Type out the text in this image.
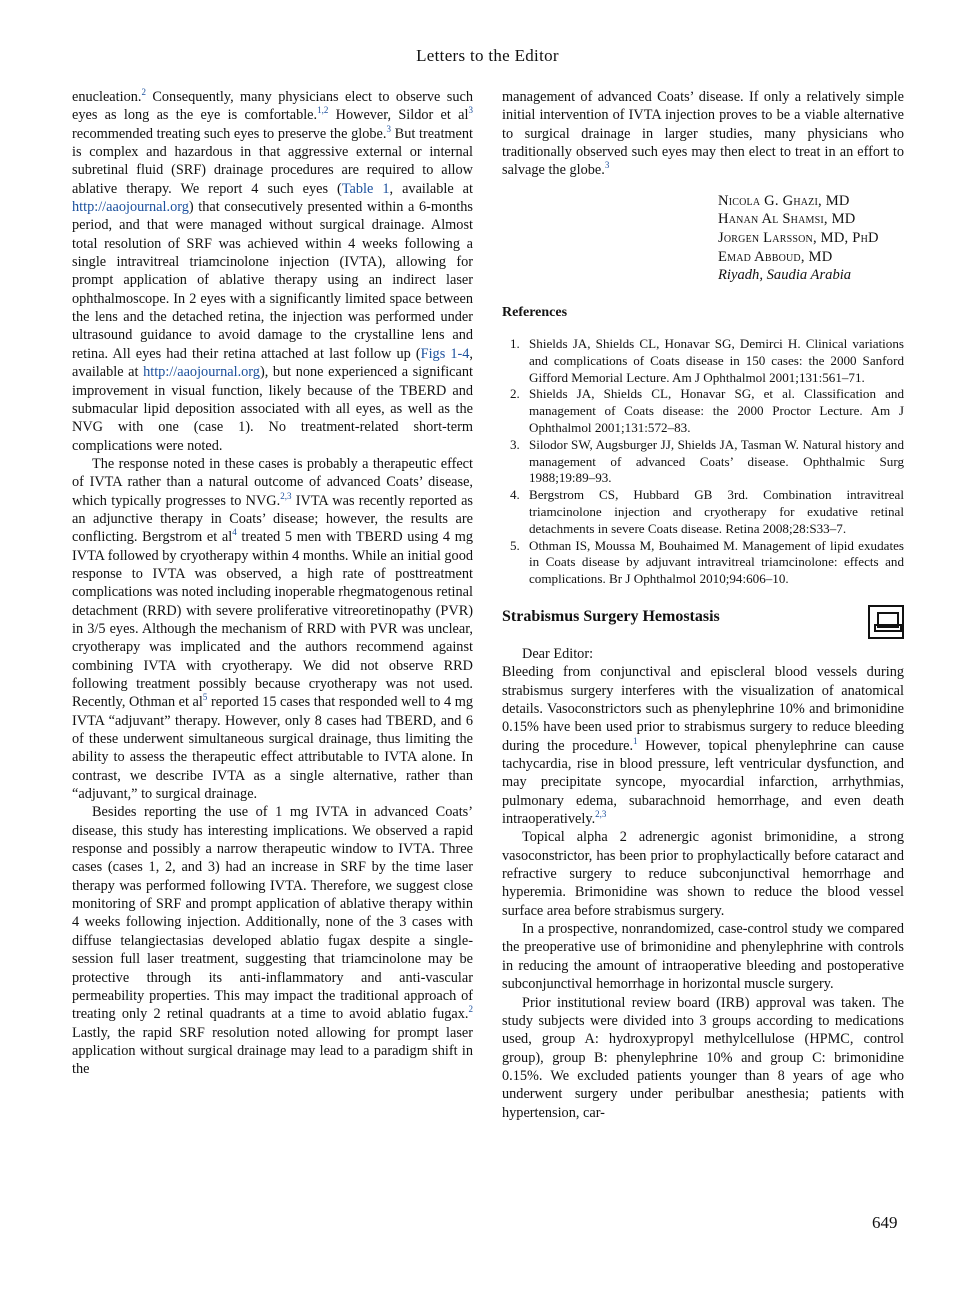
Letters to the Editor

enucleation.$^2$ Consequently, many physicians elect to observe such eyes as long as the eye is comfortable.$^{1,2}$ However, Sildor et $al^3$ recommended treating such eyes to preserve the globe.$^3$ But treatment is complex and hazardous in that aggressive external or internal subretinal fluid (SRF) drainage procedures are required to allow ablative therapy. We report 4 such eyes (Table 1, available at http://aaojournal.org) that consecutively presented within a 6-months period, and that were managed without surgical drainage. Almost total resolution of SRF was achieved within 4 weeks following a single intravitreal triamcinolone injection (IVTA), allowing for prompt application of ablative therapy using an indirect laser ophthalmoscope. In 2 eyes with a significantly limited space between the lens and the detached retina, the injection was performed under ultrasound guidance to avoid damage to the crystalline lens and retina. All eyes had their retina attached at last follow up (Figs 1-4, available at http://aaojournal.org), but none experienced a significant improvement in visual function, likely because of the TBERD and submacular lipid deposition associated with all eyes, as well as the NVG with one (case 1). No treatment-related short-term complications were noted.

The response noted in these cases is probably a therapeutic effect of IVTA rather than a natural outcome of advanced Coats’ disease, which typically progresses to NVG.$^{2,3}$ IVTA was recently reported as an adjunctive therapy in Coats’ disease; however, the results are conflicting. Bergstrom et $al^4$ treated 5 men with TBERD using 4 mg IVTA followed by cryotherapy within 4 months. While an initial good response to IVTA was observed, a high rate of posttreatment complications was noted including inoperable rhegmatogenous retinal detachment (RRD) with severe proliferative vitreoretinopathy (PVR) in 3/5 eyes. Although the mechanism of RRD with PVR was unclear, cryotherapy was implicated and the authors recommend against combining IVTA with cryotherapy. We did not observe RRD following treatment possibly because cryotherapy was not used. Recently, Othman et $al^5$ reported 15 cases that responded well to 4 mg IVTA “adjuvant” therapy. However, only 8 cases had TBERD, and 6 of these underwent simultaneous surgical drainage, thus limiting the ability to assess the therapeutic effect attributable to IVTA alone. In contrast, we describe IVTA as a single alternative, rather than “adjuvant,” to surgical drainage.

Besides reporting the use of 1 mg IVTA in advanced Coats’ disease, this study has interesting implications. We observed a rapid response and possibly a narrow therapeutic window to IVTA. Three cases (cases 1, 2, and 3) had an increase in SRF by the time laser therapy was performed following IVTA. Therefore, we suggest close monitoring of SRF and prompt application of ablative therapy within 4 weeks following injection. Additionally, none of the 3 cases with diffuse telangiectasias developed ablatio fugax despite a single-session full laser treatment, suggesting that triamcinolone may be protective through its anti-inflammatory and anti-vascular permeability properties. This may impact the traditional approach of treating only 2 retinal quadrants at a time to avoid ablatio fugax.$^2$ Lastly, the rapid SRF resolution noted allowing for prompt laser application without surgical drainage may lead to a paradigm shift in the

management of advanced Coats’ disease. If only a relatively simple initial intervention of IVTA injection proves to be a viable alternative to surgical drainage in larger studies, many physicians who traditionally observed such eyes may then elect to treat in an effort to salvage the globe.$^3$

Nicola G. Ghazi, MD
Hanan Al Shamsi, MD
Jorgen Larsson, MD, PhD
Emad Abboud, MD
Riyadh, Saudia Arabia
References
1. Shields JA, Shields CL, Honavar SG, Demirci H. Clinical variations and complications of Coats disease in 150 cases: the 2000 Sanford Gifford Memorial Lecture. Am J Ophthalmol 2001;131:561–71.
2. Shields JA, Shields CL, Honavar SG, et al. Classification and management of Coats disease: the 2000 Proctor Lecture. Am J Ophthalmol 2001;131:572–83.
3. Silodor SW, Augsburger JJ, Shields JA, Tasman W. Natural history and management of advanced Coats’ disease. Ophthalmic Surg 1988;19:89–93.
4. Bergstrom CS, Hubbard GB 3rd. Combination intravitreal triamcinolone injection and cryotherapy for exudative retinal detachments in severe Coats disease. Retina 2008;28:S33–7.
5. Othman IS, Moussa M, Bouhaimed M. Management of lipid exudates in Coats disease by adjuvant intravitreal triamcinolone: effects and complications. Br J Ophthalmol 2010;94:606–10.
Strabismus Surgery Hemostasis

Dear Editor:

Bleeding from conjunctival and episcleral blood vessels during strabismus surgery interferes with the visualization of anatomical details. Vasoconstrictors such as phenylephrine 10% and brimonidine 0.15% have been used prior to strabismus surgery to reduce bleeding during the procedure.$^1$ However, topical phenylephrine can cause tachycardia, rise in blood pressure, left ventricular dysfunction, and may precipitate syncope, myocardial infarction, arrhythmias, pulmonary edema, subarachnoid hemorrhage, and even death intraoperatively.$^{2,3}$

Topical alpha 2 adrenergic agonist brimonidine, a strong vasoconstrictor, has been prior to prophylactically before cataract and refractive surgery to reduce subconjunctival hemorrhage and hyperemia. Brimonidine was shown to reduce the blood vessel surface area before strabismus surgery.

In a prospective, nonrandomized, case-control study we compared the preoperative use of brimonidine and phenylephrine with controls in reducing the amount of intraoperative bleeding and postoperative subconjunctival hemorrhage in horizontal muscle surgery.

Prior institutional review board (IRB) approval was taken. The study subjects were divided into 3 groups according to medications used, group A: hydroxypropyl methylcellulose (HPMC, control group), group B: phenylephrine 10% and group C: brimonidine 0.15%. We excluded patients younger than 8 years of age who underwent surgery under peribulbar anesthesia; patients with hypertension, car-

649
